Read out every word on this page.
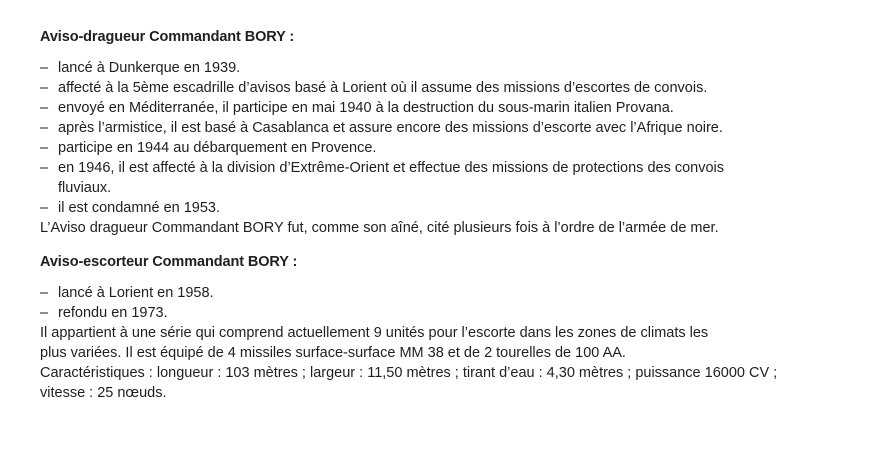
Aviso-dragueur Commandant BORY :
– lancé à Dunkerque en 1939.
– affecté à la 5ème escadrille d’avisos basé à Lorient où il assume des missions d’escortes de convois.
– envoyé en Méditerranée, il participe en mai 1940 à la destruction du sous-marin italien Provana.
– après l’armistice, il est basé à Casablanca et assure encore des missions d’escorte avec l’Afrique noire.
– participe en 1944 au débarquement en Provence.
– en 1946, il est affecté à la division d’Extrême-Orient et effectue des missions de protections des convois
fluviaux.
– il est condamné en 1953.

L’Aviso dragueur Commandant BORY fut, comme son aîné, cité plusieurs fois à l’ordre de l’armée de mer.

Aviso-escorteur Commandant BORY :
– lancé à Lorient en 1958.
– refondu en 1973.

Il appartient à une série qui comprend actuellement 9 unités pour l’escorte dans les zones de climats les

plus variées. Il est équipé de 4 missiles surface-surface MM 38 et de 2 tourelles de 100 AA.

Caractéristiques : longueur : 103 mètres ; largeur : 11,50 mètres ; tirant d’eau : 4,30 mètres ; puissance 16000 CV ;

vitesse : 25 nœuds.
